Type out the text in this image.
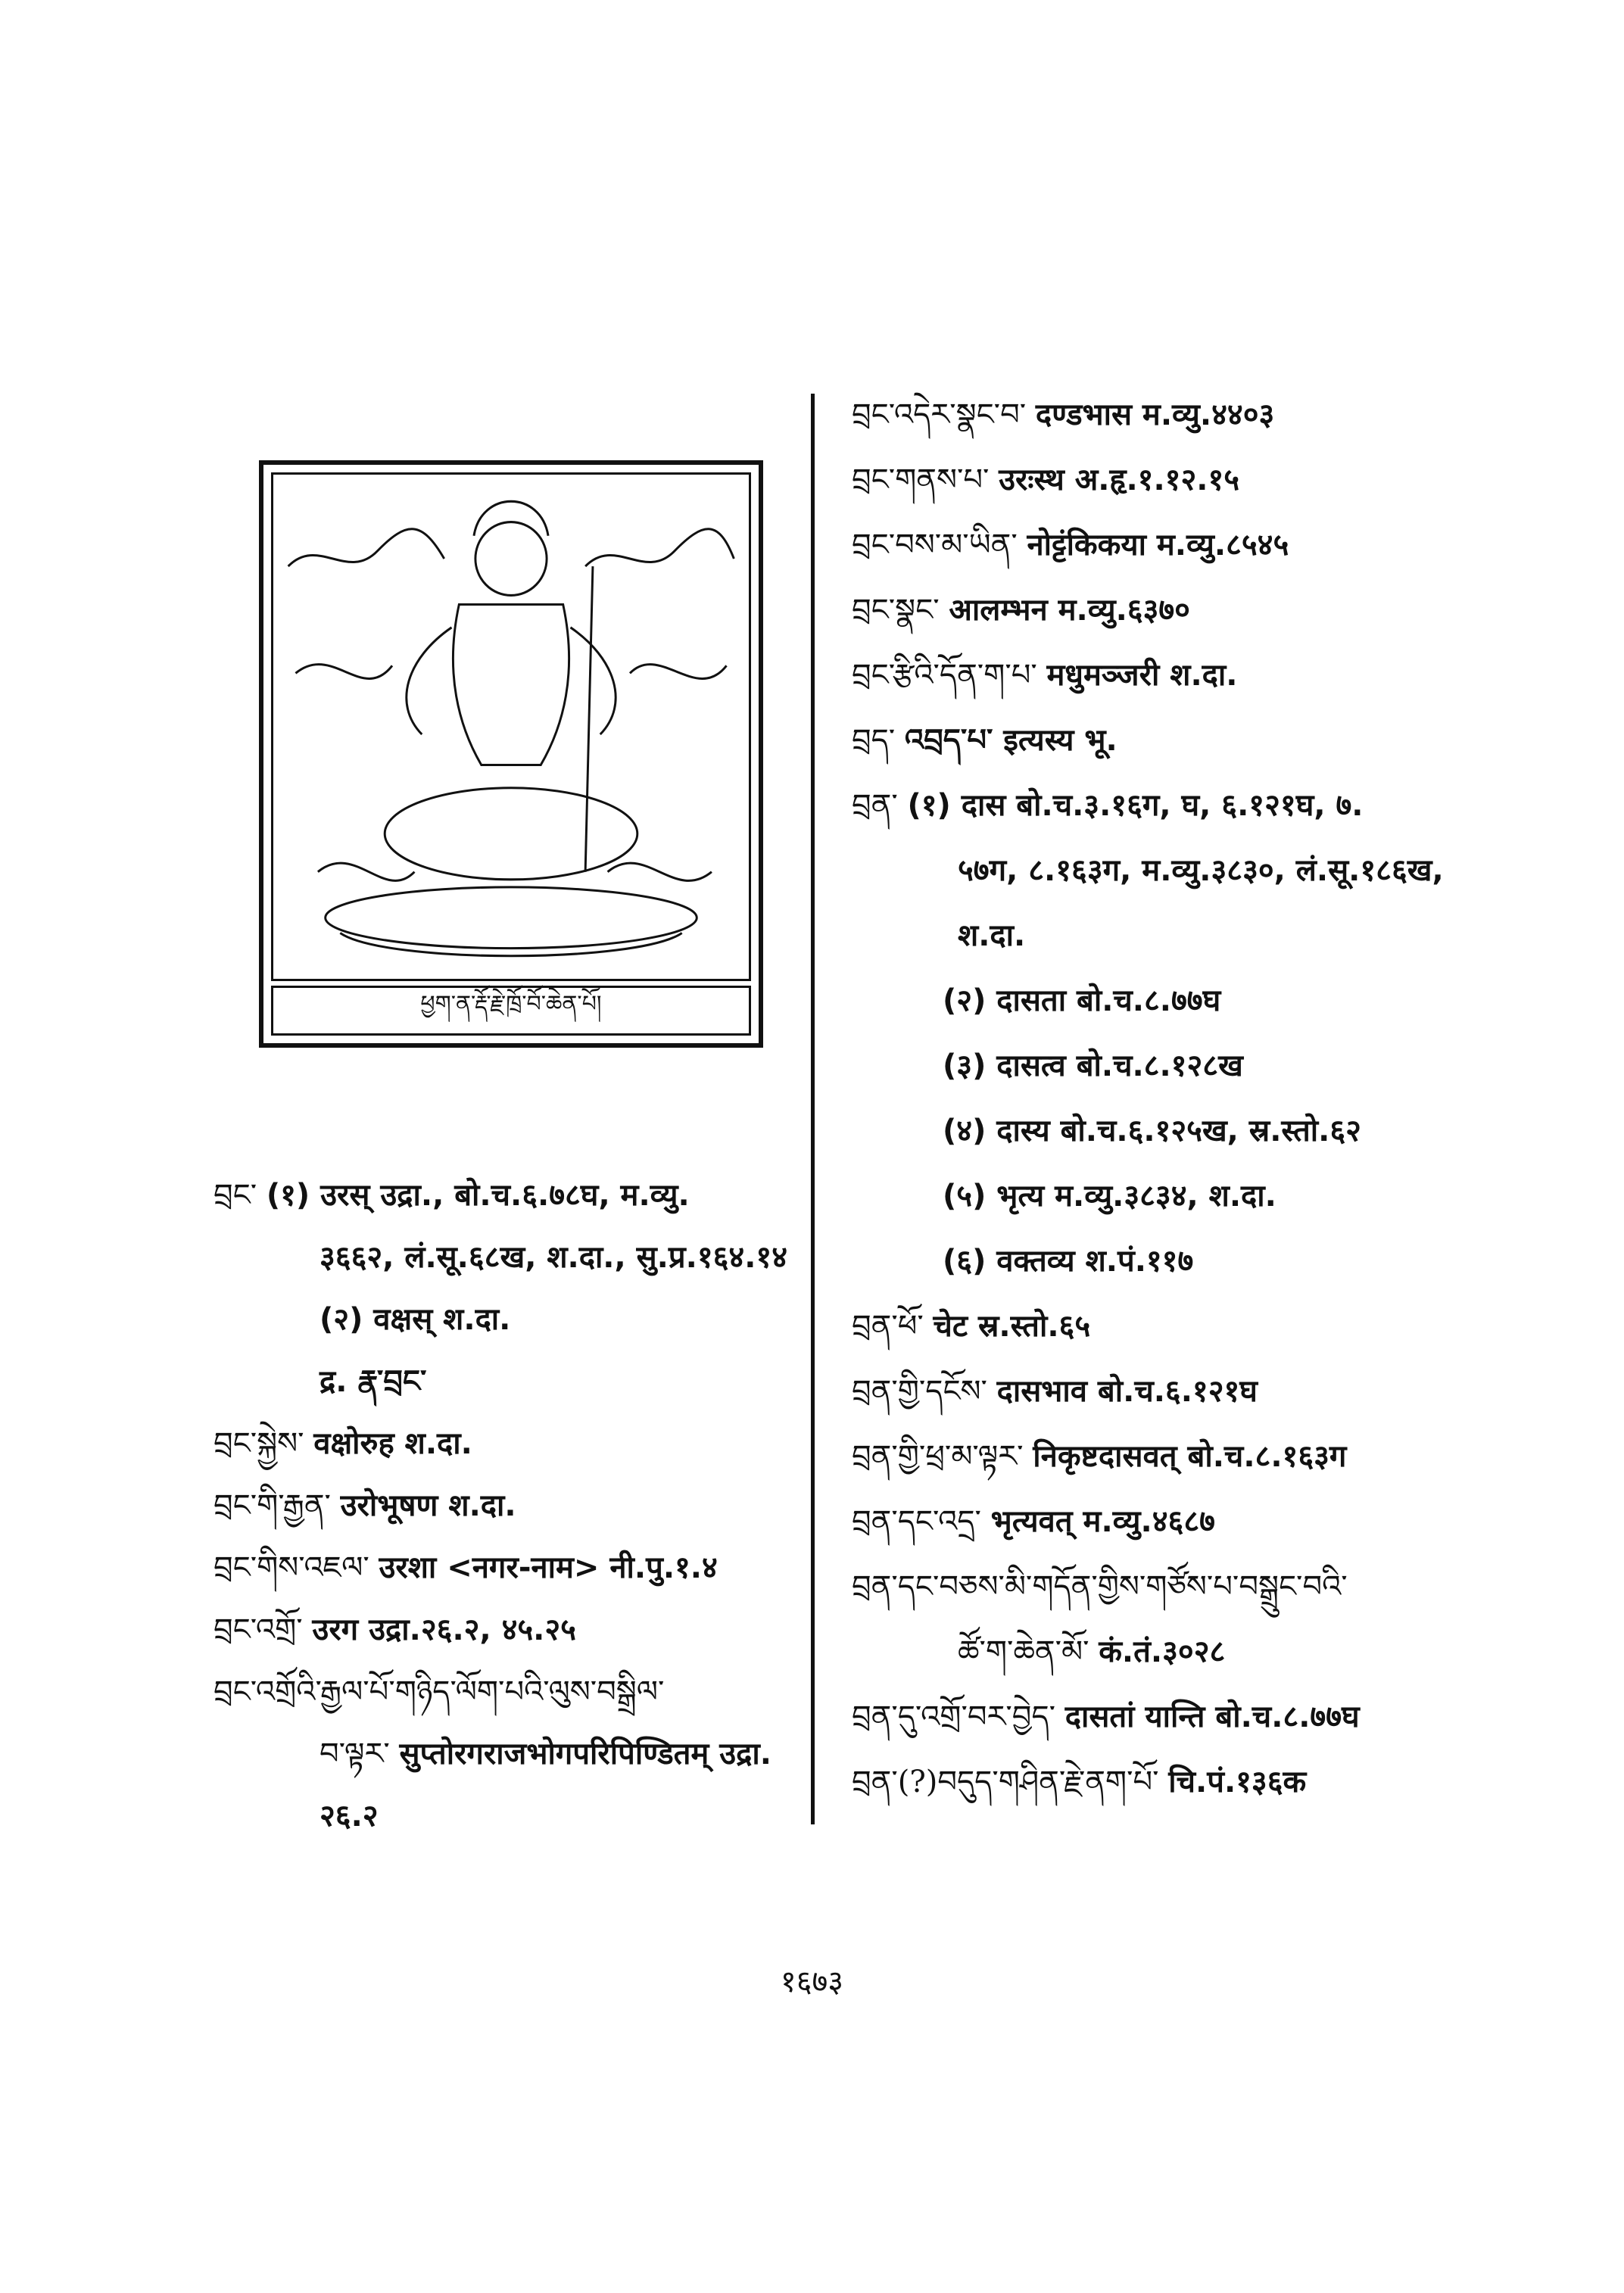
ཕྱག་ན་རྡོ་རྗེ་ཁྲོ་བོ་ཆེན་པོ།
བྲང་ (१) उरस् उद्रा., बो.च.६.७८घ, म.व्यु.
३६६२, लं.सू.६८ख, श.दा., सु.प्र.१६४.१४
(२) वक्षस् श.दा.
द्र. རྣ་བྲང་
བྲང་སྐྱེས་ वक्षोरुह श.दा.
བྲང་གི་རྒྱན་ उरोभूषण श.दा.
བྲང་གིས་འཇལ་ उरशा <नगर-नाम> नी.पु.१.४
བྲང་འགྲོ་ उरग उद्रा.२६.२, ४५.२५
བྲང་འགྲོའི་རྒྱལ་པོ་གཉིད་ལོག་པའི་ལུས་བསྒྲིལ་
བ་ལྟར་ सुप्तोरगराजभोगपरिपिण्डितम् उद्रा.
२६.२
བྲང་འདེར་སྣང་བ་ दण्डभास म.व्यु.४४०३
བྲང་གནས་པ་ उरःस्थ अ.हृ.१.१२.१५
བྲང་བས་མ་ཡིན་ नोट्टंकिकया म.व्यु.८५४५
བྲང་སྣང་ आलम्भन म.व्यु.६३७०
བྲང་རྩིའི་དོན་ག་པ་ मधुमञ्जरी श.दा.
བྲད་ འབྲད་པ་ इत्यस्य भू.
བྲན་ (१) दास बो.च.३.१६ग, घ, ६.१२१घ, ७.
५७ग, ८.१६३ग, म.व्यु.३८३०, लं.सू.१८६ख,
श.दा.
(२) दासता बो.च.८.७७घ
(३) दासत्व बो.च.८.१२८ख
(४) दास्य बो.च.६.१२५ख, स्र.स्तो.६२
(५) भृत्य म.व्यु.३८३४, श.दा.
(६) वक्तव्य श.पं.११७
བྲན་ཕོ་ चेट स्र.स्तो.६५
བྲན་གྱི་དངོས་ दासभाव बो.च.६.१२१घ
བྲན་གྱི་ཕྲ་མ་ལྟར་ निकृष्टदासवत् बो.च.८.१६३ग
བྲན་དང་འདྲ་ भृत्यवत् म.व्यु.४६८७
བྲན་དང་བཅས་མི་གདོན་གྱིས་གཙོས་པ་བསྒྲུང་བའི་
ཚོ་ག་ཆེན་མོ་ कं.तं.३०२८
བྲན་དུ་འགྲོ་བར་བྱེད་ दासतां यान्ति बो.च.८.७७घ
བྲན་(?)བདུད་གཤིན་རྗེ་ནག་པོ་ चि.पं.१३६क
१६७३
